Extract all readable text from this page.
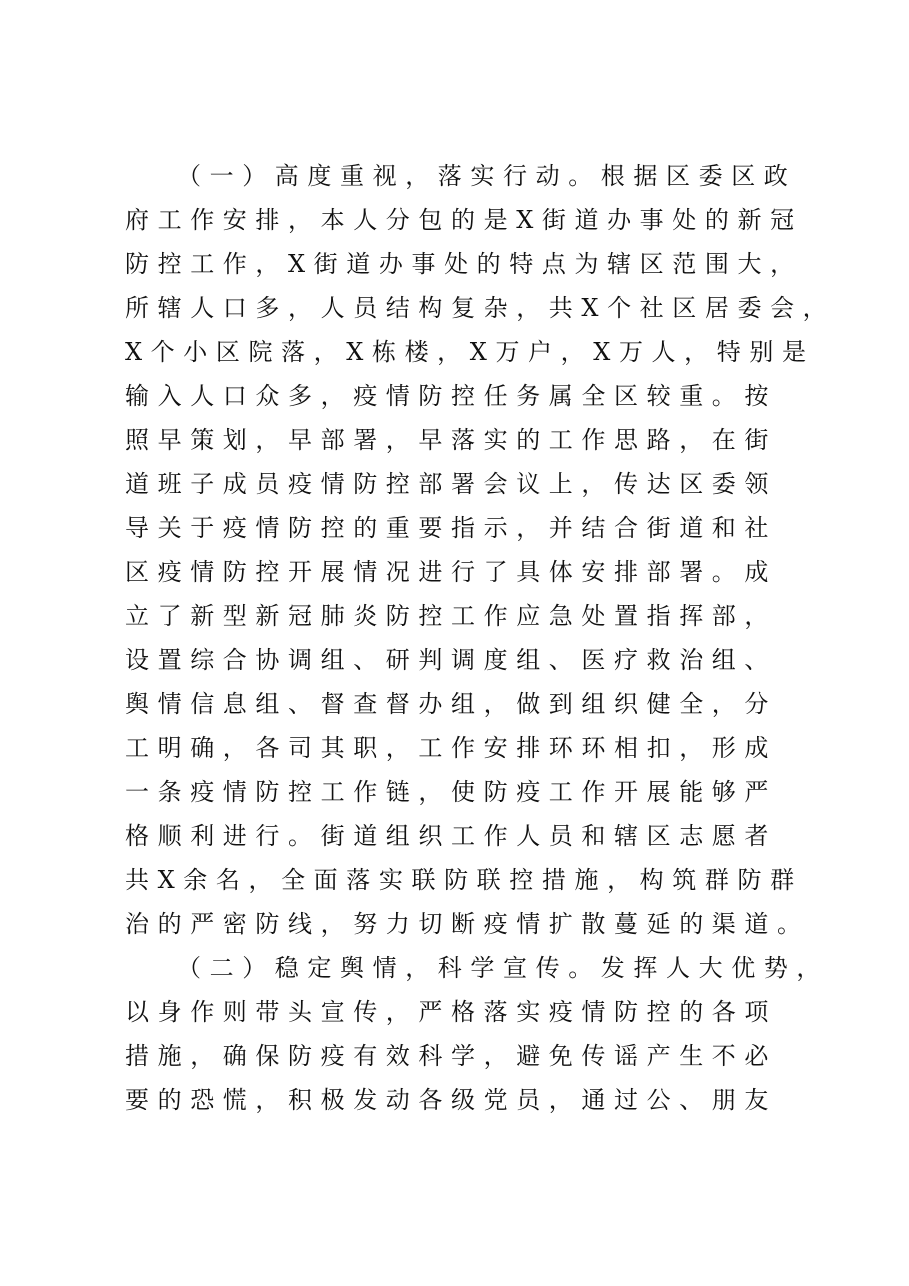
（一）高度重视，落实行动。根据区委区政
府工作安排，本人分包的是X街道办事处的新冠
防控工作，X街道办事处的特点为辖区范围大，
所辖人口多，人员结构复杂，共X个社区居委会，
X个小区院落，X栋楼，X万户，X万人，特别是
输入人口众多，疫情防控任务属全区较重。按
照早策划，早部署，早落实的工作思路，在街
道班子成员疫情防控部署会议上，传达区委领
导关于疫情防控的重要指示，并结合街道和社
区疫情防控开展情况进行了具体安排部署。成
立了新型新冠肺炎防控工作应急处置指挥部，
设置综合协调组、研判调度组、医疗救治组、
舆情信息组、督查督办组，做到组织健全，分
工明确，各司其职，工作安排环环相扣，形成
一条疫情防控工作链，使防疫工作开展能够严
格顺利进行。街道组织工作人员和辖区志愿者
共X余名，全面落实联防联控措施，构筑群防群
治的严密防线，努力切断疫情扩散蔓延的渠道。
（二）稳定舆情，科学宣传。发挥人大优势，
以身作则带头宣传，严格落实疫情防控的各项
措施，确保防疫有效科学，避免传谣产生不必
要的恐慌，积极发动各级党员，通过公、朋友
